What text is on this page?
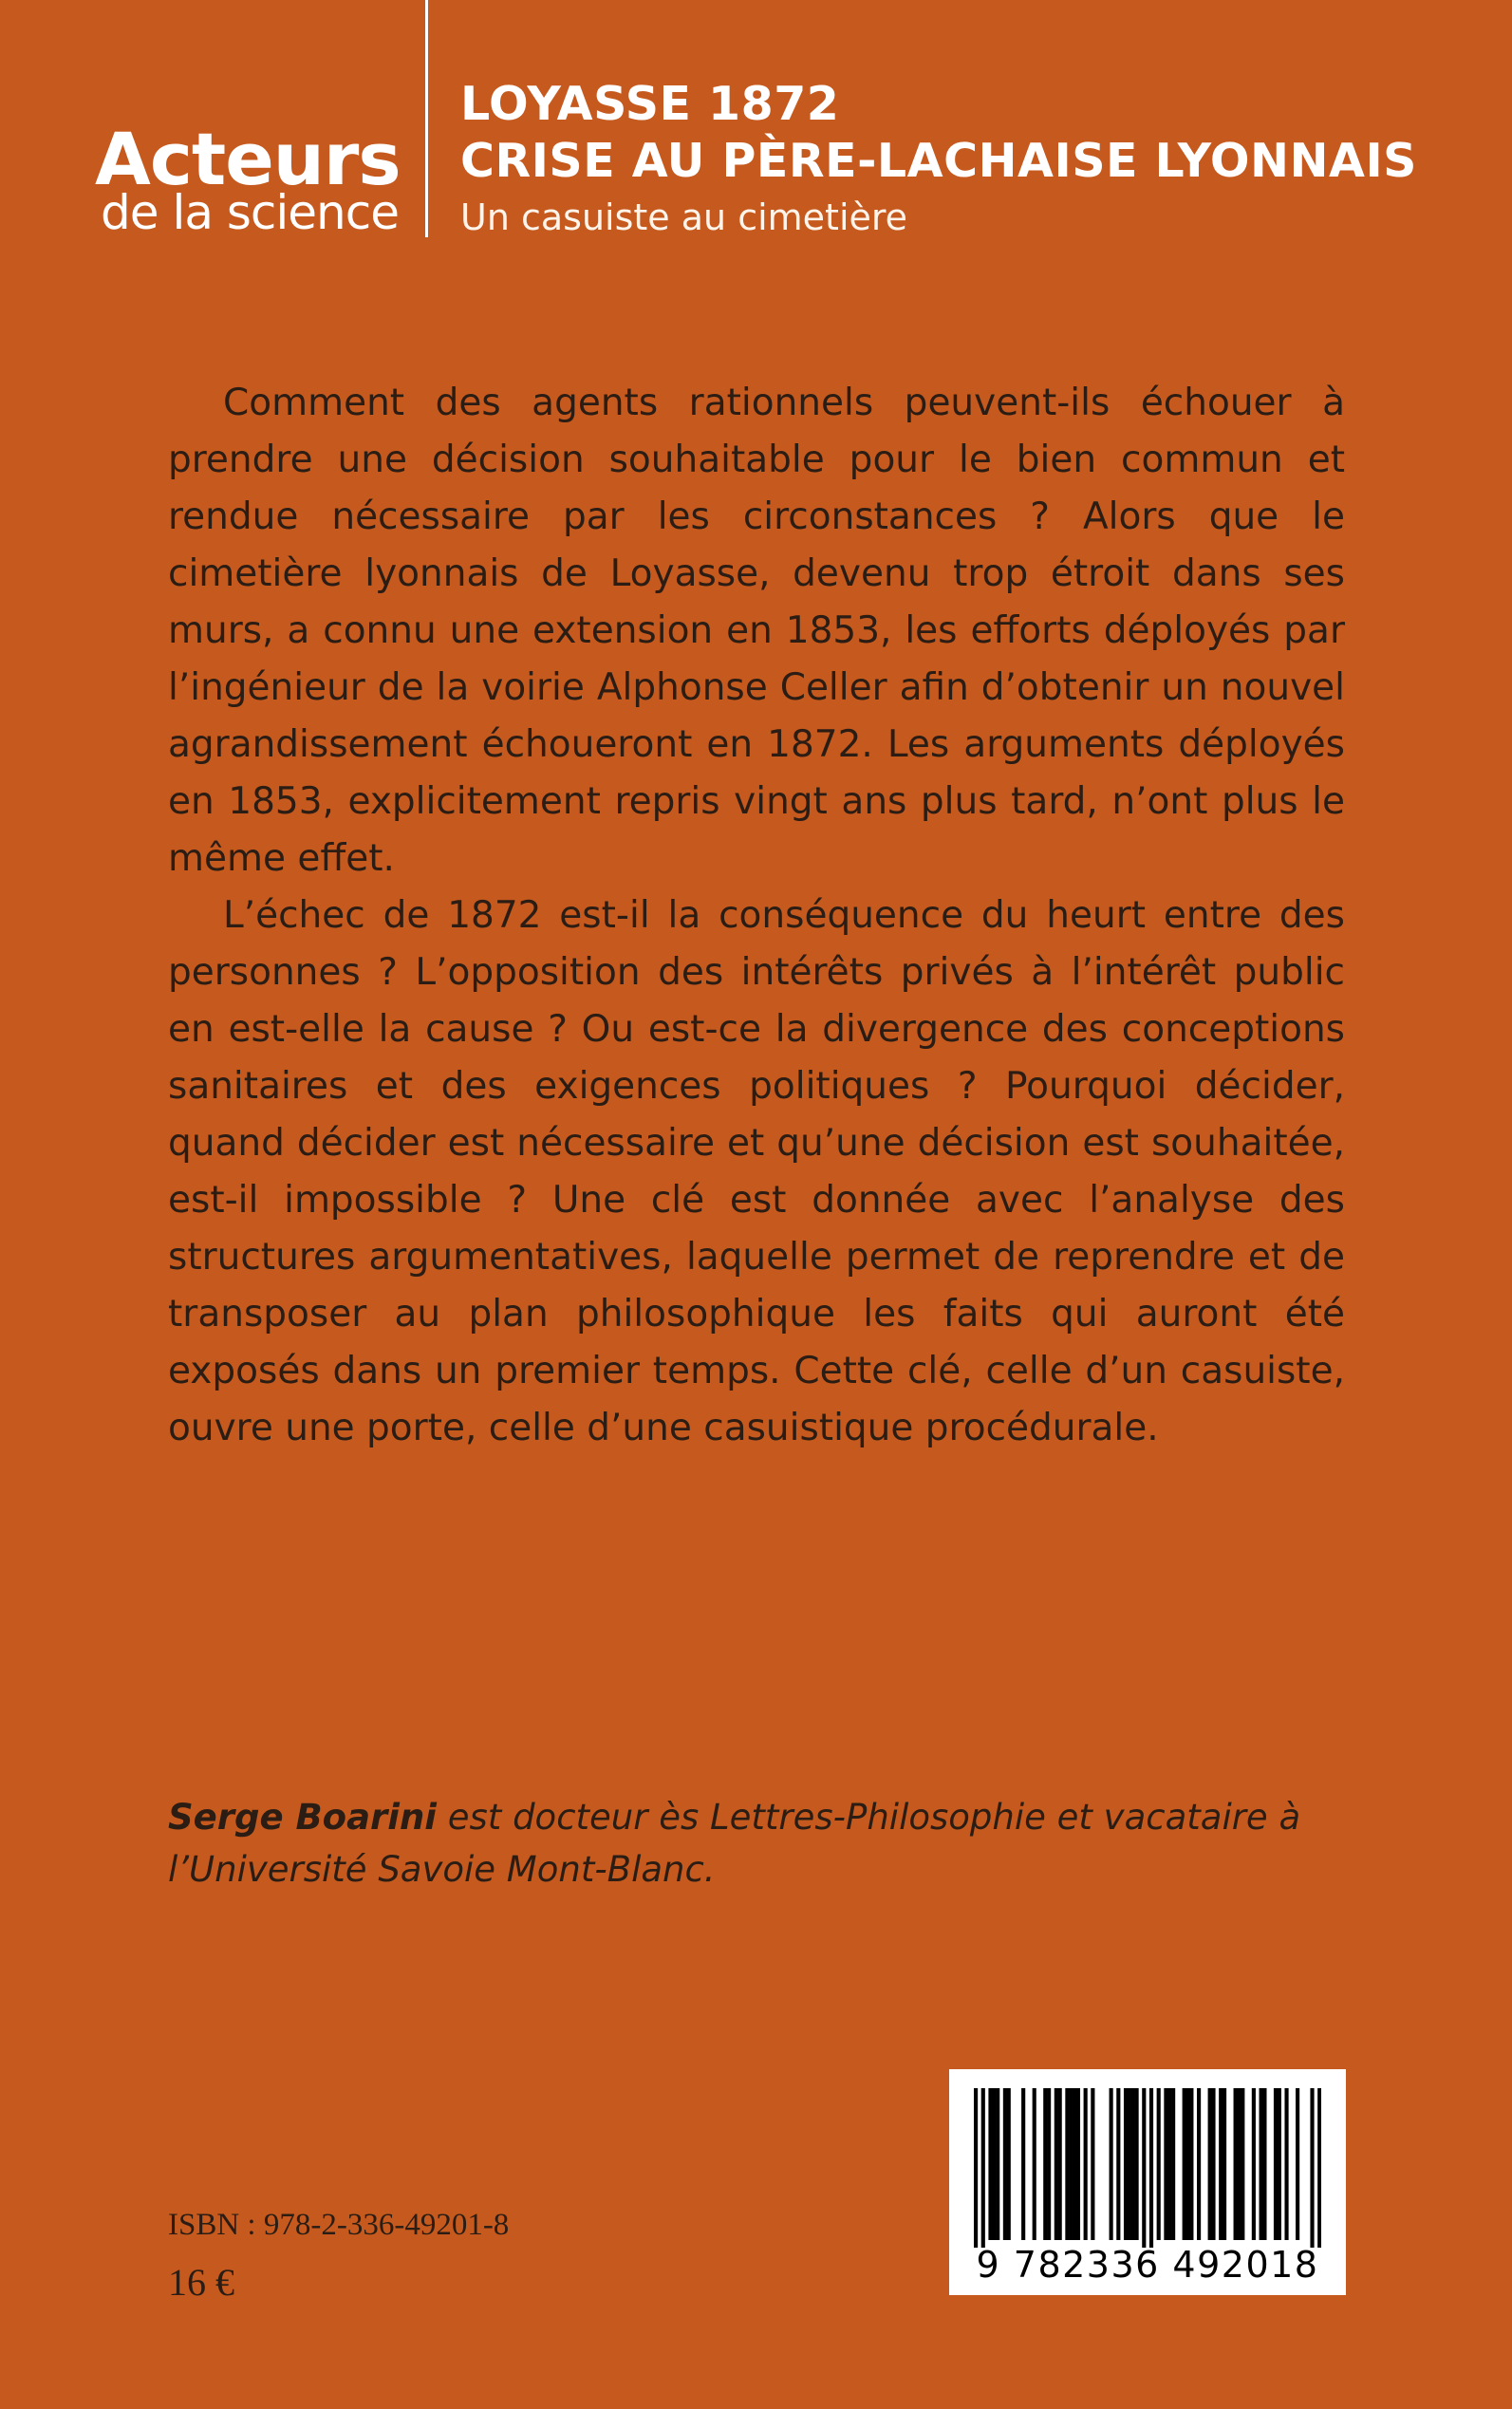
Acteurs
de la science
LOYASSE 1872
CRISE AU PÈRE-LACHAISE LYONNAIS
Un casuiste au cimetière

Comment des agents rationnels peuvent-ils échouer à prendre une décision souhaitable pour le bien commun et rendue nécessaire par les circonstances ? Alors que le cimetière lyonnais de Loyasse, devenu trop étroit dans ses murs, a connu une extension en 1853, les efforts déployés par l’ingénieur de la voirie Alphonse Celler afin d’obtenir un nouvel agrandissement échoueront en 1872. Les arguments déployés en 1853, explicitement repris vingt ans plus tard, n’ont plus le même effet.

L’échec de 1872 est-il la conséquence du heurt entre des personnes ? L’opposition des intérêts privés à l’intérêt public en est-elle la cause ? Ou est-ce la divergence des conceptions sanitaires et des exigences politiques ? Pourquoi décider, quand décider est nécessaire et qu’une décision est souhaitée, est-il impossible ? Une clé est donnée avec l’analyse des structures argumentatives, laquelle permet de reprendre et de transposer au plan philosophique les faits qui auront été exposés dans un premier temps. Cette clé, celle d’un casuiste, ouvre une porte, celle d’une casuistique procédurale.

Serge Boarini est docteur ès Lettres-Philosophie et vacataire à l’Université Savoie Mont-Blanc.
ISBN : 978-2-336-49201-8
16 €	9 782336 492018
